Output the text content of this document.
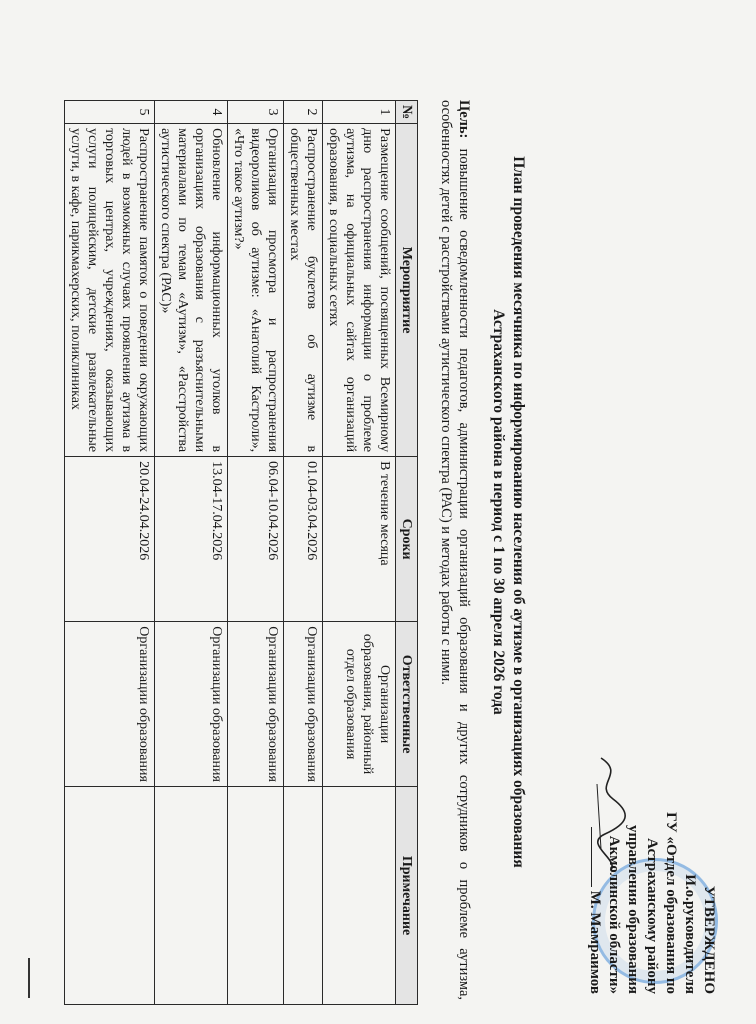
УТВЕРЖДЕНО
И.о.руководителя
ГУ «Отдел образования по
Астраханскому району
управления образования
Акмолинской области»
М. Мамраимов
План проведения месячника по информированию населения об аутизме в организациях образования
Астраханского района в период с 1 по 30 апреля 2026 года
Цель: повышение осведомленности педагогов, администрации организаций образования и других сотрудников о проблеме аутизма, особенностях детей с расстройствами аутистического спектра (РАС) и методах работы с ними.
№	Мероприятие	Сроки	Ответственные	Примечание
1	Размещение сообщений, посвященных Всемирному дню распространения информации о проблеме аутизма, на официальных сайтах организаций образования, в социальных сетях	В течение месяца	Организации образования, районный отдел образования	
2	Распространение буклетов об аутизме в общественных местах	01.04-03.04.2026	Организации образования	
3	Организация просмотра и распространения видеороликов об аутизме: «Анатолий Кастроли», «Что такое аутизм?»	06.04-10.04.2026	Организации образования	
4	Обновление информационных уголков в организациях образования с разъяснительными материалами по темам «Аутизм», «Расстройства аутистического спектра (РАС)»	13.04-17.04.2026	Организации образования	
5	Распространение памяток о поведении окружающих людей в возможных случаях проявления аутизма в торговых центрах, учреждениях, оказывающих услуги полицейским, детские развлекательные услуги, в кафе, парикмахерских, поликлиниках	20.04-24.04.2026	Организации образования	
